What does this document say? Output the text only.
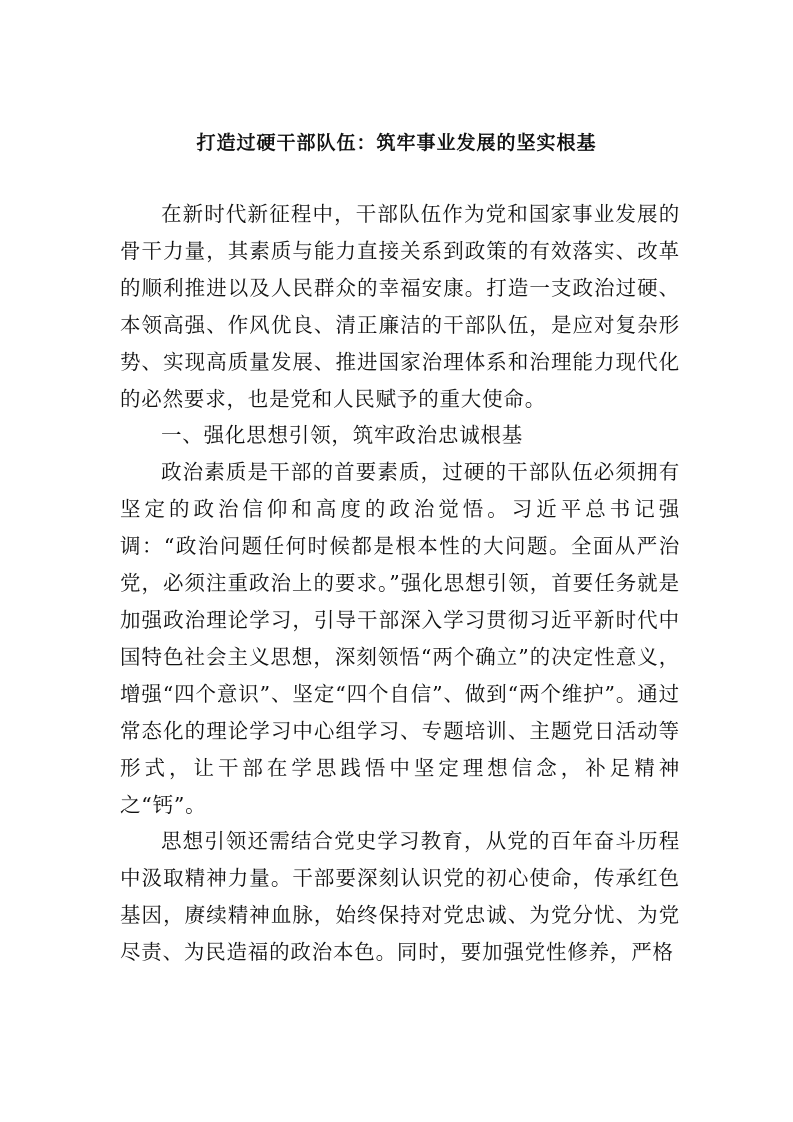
打造过硬干部队伍：筑牢事业发展的坚实根基

在新时代新征程中，干部队伍作为党和国家事业发展的骨干力量，其素质与能力直接关系到政策的有效落实、改革的顺利推进以及人民群众的幸福安康。打造一支政治过硬、本领高强、作风优良、清正廉洁的干部队伍，是应对复杂形势、实现高质量发展、推进国家治理体系和治理能力现代化的必然要求，也是党和人民赋予的重大使命。

一、强化思想引领，筑牢政治忠诚根基

政治素质是干部的首要素质，过硬的干部队伍必须拥有坚定的政治信仰和高度的政治觉悟。习近平总书记强调：“政治问题任何时候都是根本性的大问题。全面从严治党，必须注重政治上的要求。”强化思想引领，首要任务就是加强政治理论学习，引导干部深入学习贯彻习近平新时代中国特色社会主义思想，深刻领悟“两个确立”的决定性意义，增强“四个意识”、坚定“四个自信”、做到“两个维护”。通过常态化的理论学习中心组学习、专题培训、主题党日活动等形式，让干部在学思践悟中坚定理想信念，补足精神之“钙”。

思想引领还需结合党史学习教育，从党的百年奋斗历程中汲取精神力量。干部要深刻认识党的初心使命，传承红色基因，赓续精神血脉，始终保持对党忠诚、为党分忧、为党尽责、为民造福的政治本色。同时，要加强党性修养，严格
